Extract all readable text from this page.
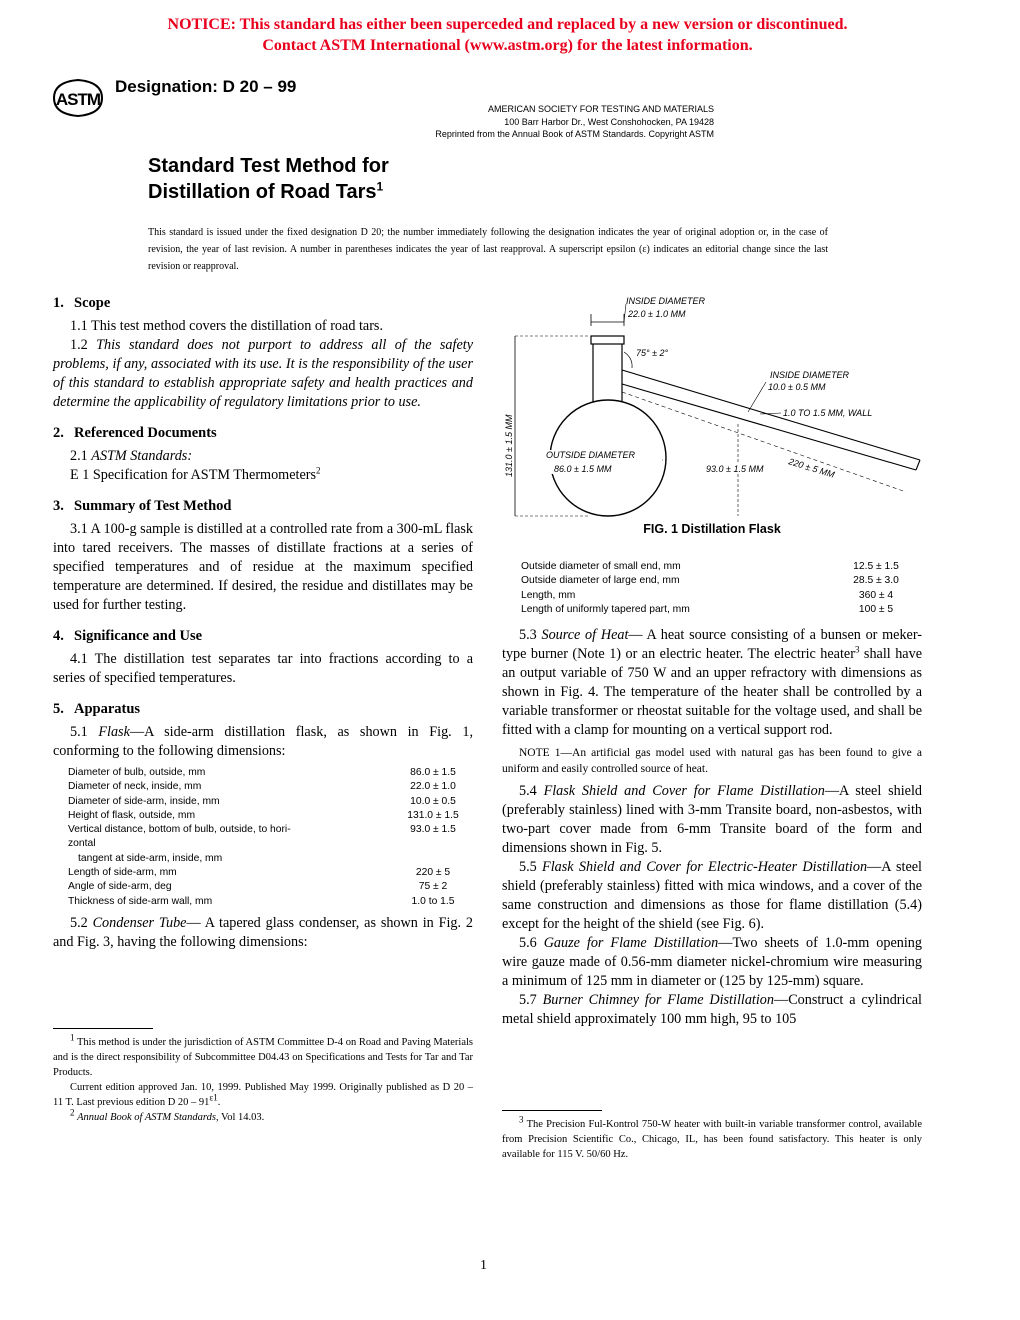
NOTICE: This standard has either been superceded and replaced by a new version or discontinued.
Contact ASTM International (www.astm.org) for the latest information.
ASTM
Designation: D 20 – 99
AMERICAN SOCIETY FOR TESTING AND MATERIALS
100 Barr Harbor Dr., West Conshohocken, PA 19428
Reprinted from the Annual Book of ASTM Standards. Copyright ASTM
Standard Test Method for
Distillation of Road Tars$^1$
This standard is issued under the fixed designation D 20; the number immediately following the designation indicates the year of original adoption or, in the case of revision, the year of last revision. A number in parentheses indicates the year of last reapproval. A superscript epsilon (ε) indicates an editorial change since the last revision or reapproval.
1. Scope

1.1 This test method covers the distillation of road tars.

1.2 This standard does not purport to address all of the safety problems, if any, associated with its use. It is the responsibility of the user of this standard to establish appropriate safety and health practices and determine the applicability of regulatory limitations prior to use.

2. Referenced Documents

2.1 ASTM Standards:

E 1 Specification for ASTM Thermometers$^2$

3. Summary of Test Method

3.1 A 100-g sample is distilled at a controlled rate from a 300-mL flask into tared receivers. The masses of distillate fractions at a series of specified temperatures and of residue at the maximum specified temperature are determined. If desired, the residue and distillates may be used for further testing.

4. Significance and Use

4.1 The distillation test separates tar into fractions according to a series of specified temperatures.

5. Apparatus

5.1 Flask—A side-arm distillation flask, as shown in Fig. 1, conforming to the following dimensions:

Diameter of bulb, outside, mm	86.0 ± 1.5
Diameter of neck, inside, mm	22.0 ± 1.0
Diameter of side-arm, inside, mm	10.0 ± 0.5
Height of flask, outside, mm	131.0 ± 1.5
Vertical distance, bottom of bulb, outside, to hori-	93.0 ± 1.5
zontal
tangent at side-arm, inside, mm
Length of side-arm, mm	220 ± 5
Angle of side-arm, deg	75 ± 2
Thickness of side-arm wall, mm	1.0 to 1.5

5.2 Condenser Tube— A tapered glass condenser, as shown in Fig. 2 and Fig. 3, having the following dimensions:

$^1$ This method is under the jurisdiction of ASTM Committee D-4 on Road and Paving Materials and is the direct responsibility of Subcommittee D04.43 on Specifications and Tests for Tar and Tar Products.
Current edition approved Jan. 10, 1999. Published May 1999. Originally published as D 20 – 11 T. Last previous edition D $20 - 91^{\varepsilon 1}$.
$^2$ Annual Book of ASTM Standards, Vol 14.03.
INSIDE DIAMETER
22.0 ± 1.0 MM
75° ± 2°
INSIDE DIAMETER
10.0 ± 0.5 MM
1.0 TO 1.5 MM, WALL
131.0 ± 1.5 MM	OUTSIDE DIAMETER
86.0 ± 1.5 MM	93.0 ± 1.5 MM	220 ± 5 MM
FIG. 1 Distillation Flask
Outside diameter of small end, mm	12.5 ± 1.5
Outside diameter of large end, mm	28.5 ± 3.0
Length, mm	360 ± 4
Length of uniformly tapered part, mm	100 ± 5

5.3 Source of Heat— A heat source consisting of a bunsen or meker-type burner (Note 1) or an electric heater. The electric heater$^3$ shall have an output variable of 750 W and an upper refractory with dimensions as shown in Fig. 4. The temperature of the heater shall be controlled by a variable transformer or rheostat suitable for the voltage used, and shall be fitted with a clamp for mounting on a vertical support rod.

NOTE 1—An artificial gas model used with natural gas has been found to give a uniform and easily controlled source of heat.

5.4 Flask Shield and Cover for Flame Distillation—A steel shield (preferably stainless) lined with 3-mm Transite board, non-asbestos, with two-part cover made from 6-mm Transite board of the form and dimensions shown in Fig. 5.

5.5 Flask Shield and Cover for Electric-Heater Distillation—A steel shield (preferably stainless) fitted with mica windows, and a cover of the same construction and dimensions as those for flame distillation (5.4) except for the height of the shield (see Fig. 6).

5.6 Gauze for Flame Distillation—Two sheets of 1.0-mm opening wire gauze made of 0.56-mm diameter nickel-chromium wire measuring a minimum of 125 mm in diameter or (125 by 125-mm) square.

5.7 Burner Chimney for Flame Distillation—Construct a cylindrical metal shield approximately 100 mm high, 95 to 105

$^3$ The Precision Ful-Kontrol 750-W heater with built-in variable transformer control, available from Precision Scientific Co., Chicago, IL, has been found satisfactory. This heater is only available for 115 V. 50/60 Hz.
1
